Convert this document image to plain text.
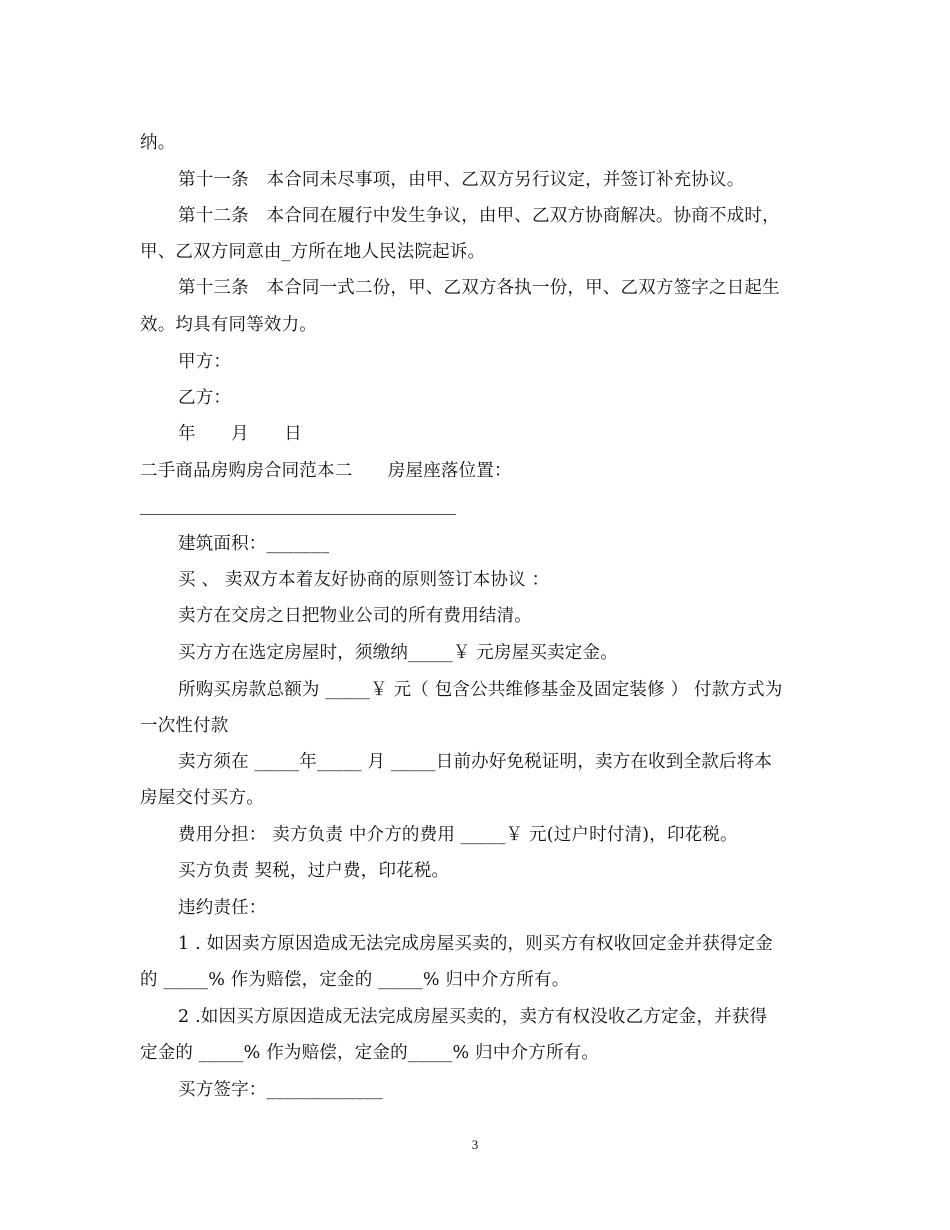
纳。
第十一条　本合同未尽事项，由甲、乙双方另行议定，并签订补充协议。
第十二条　本合同在履行中发生争议，由甲、乙双方协商解决。协商不成时，
甲、乙双方同意由_方所在地人民法院起诉。
第十三条　本合同一式二份，甲、乙双方各执一份，甲、乙双方签字之日起生
效。均具有同等效力。
甲方：
乙方：
年　　月　　日
二手商品房购房合同范本二　　房屋座落位置：
建筑面积：_______
买 、 卖双方本着友好协商的原则签订本协议 ：
卖方在交房之日把物业公司的所有费用结清。
买方方在选定房屋时，须缴纳_____￥ 元房屋买卖定金。
所购买房款总额为 _____￥ 元（ 包含公共维修基金及固定装修 ） 付款方式为
一次性付款
卖方须在 _____年_____ 月 _____日前办好免税证明，卖方在收到全款后将本
房屋交付买方。
费用分担： 卖方负责 中介方的费用 _____￥ 元(过户时付清)，印花税。
买方负责 契税，过户费，印花税。
违约责任：
1 . 如因卖方原因造成无法完成房屋买卖的，则买方有权收回定金并获得定金
的 _____% 作为赔偿，定金的 _____% 归中介方所有。
2 .如因买方原因造成无法完成房屋买卖的，卖方有权没收乙方定金，并获得
定金的 _____% 作为赔偿，定金的_____% 归中介方所有。
买方签字：_____________
3
